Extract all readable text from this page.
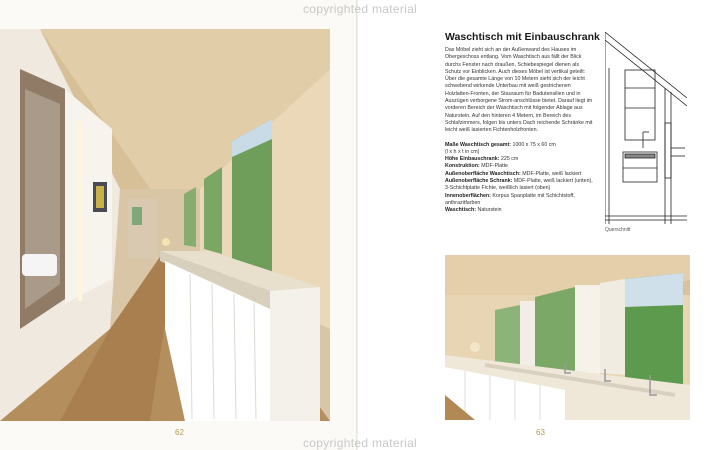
62
Waschtisch mit Einbauschrank

Das Möbel zieht sich an der Außenwand des Hauses im Obergeschoss entlang. Vom Waschtisch aus fällt der Blick durchs Fenster nach draußen, Schiebespiegel dienen als Schutz vor Einblicken. Auch dieses Möbel ist vertikal geteilt: Über die gesamte Länge von 10 Metern sieht sich der leicht schwebend wirkende Unterbau mit weiß gestrichenen Holzlatten-Fronten, der Stauraum für Badutensilien und in Auszügen verborgene Strom-anschlüsse bietet. Darauf liegt im vorderen Bereich der Waschtisch mit folgender Ablage aus Naturstein. Auf den hinteren 4 Metern, im Bereich des Schlafzimmers, folgen bis unters Dach reichende Schränke mit leicht weiß lasierten Fichtenholzfronten.

Maße Waschtisch gesamt: 1000 x 75 x 60 cm
(l x h x t in cm)
Höhe Einbauschrank: 225 cm
Konstruktion: MDF-Platte
Außenoberfläche Waschtisch: MDF-Platte, weiß lackiert
Außenoberfläche Schrank: MDF-Platte, weiß lackiert (unten), 3-Schichtplatte Fichte, weißlich lasiert (oben)
Innenoberflächen: Korpus Spanplatte mit Schichtstoff, anthrazitfarben
Waschtisch: Naturstein
Querschnitt
63
copyrighted material
copyrighted material
